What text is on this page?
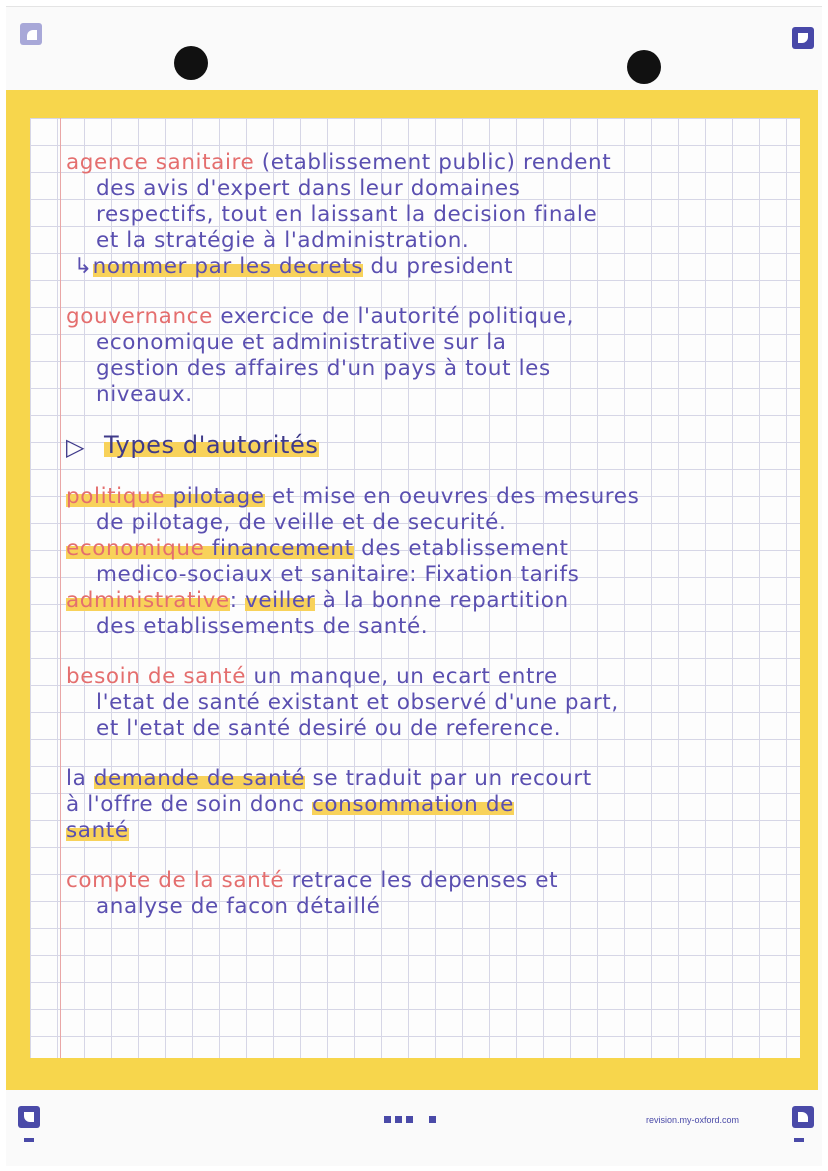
agence sanitaire (etablissement public) rendent

des avis d'expert dans leur domaines

respectifs, tout en laissant la decision finale

et la stratégie à l'administration.

↳nommer par les decrets du president

gouvernance exercice de l'autorité politique,

economique et administrative sur la

gestion des affaires d'un pays à tout les

niveaux.

▷ Types d'autorités

politique pilotage et mise en oeuvres des mesures

de pilotage, de veille et de securité.

economique financement des etablissement

medico-sociaux et sanitaire: Fixation tarifs

administrative: veiller à la bonne repartition

des etablissements de santé.

besoin de santé un manque, un ecart entre

l'etat de santé existant et observé d'une part,

et l'etat de santé desiré ou de reference.

la demande de santé se traduit par un recourt

à l'offre de soin donc consommation de

santé

compte de la santé retrace les depenses et

analyse de facon détaillé

revision.my-oxford.com
